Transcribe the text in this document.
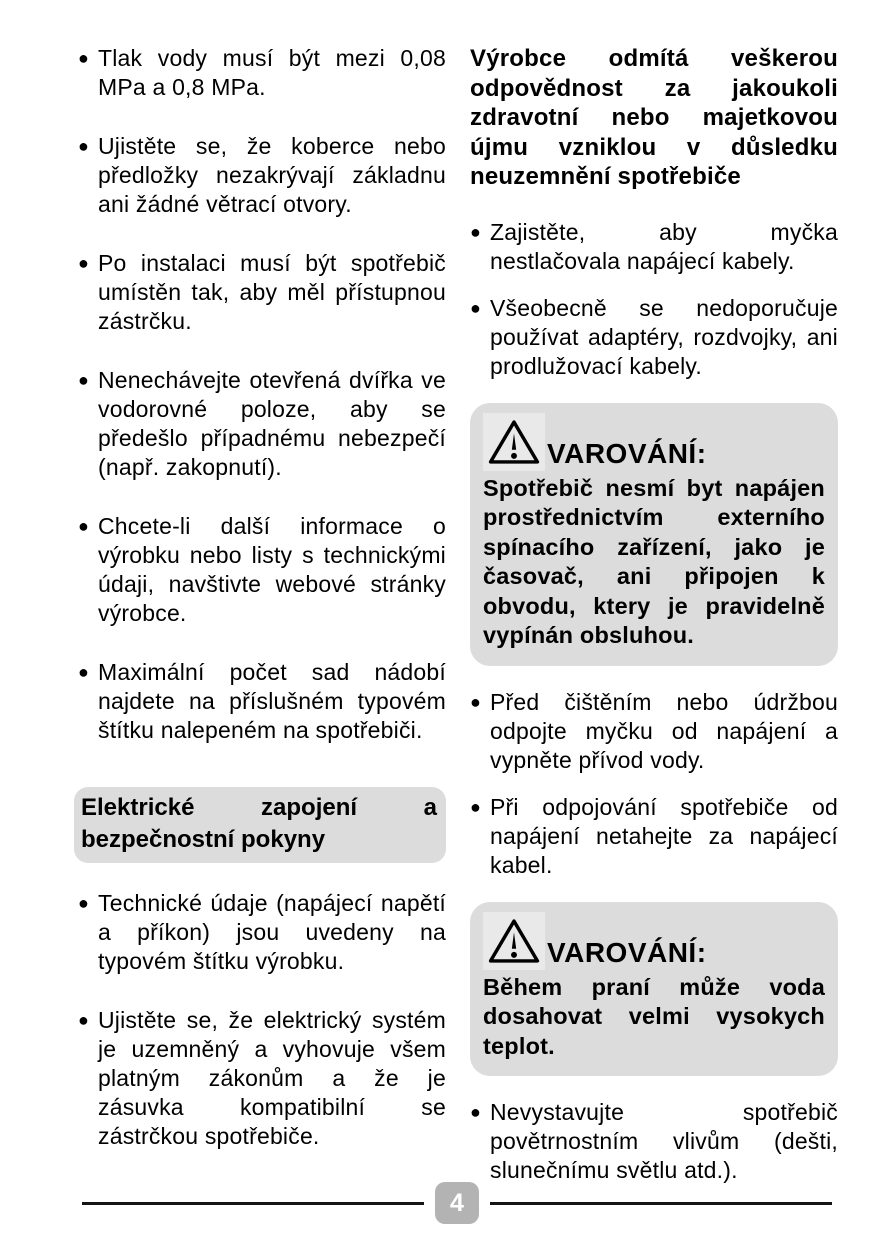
● Tlak vody musí být mezi 0,08 MPa a 0,8 MPa.
● Ujistěte se, že koberce nebo předložky nezakrývají základnu ani žádné větrací otvory.
● Po instalaci musí být spotřebič umístěn tak, aby měl přístupnou zástrčku.
● Nenechávejte otevřená dvířka ve vodorovné poloze, aby se předešlo případnému nebezpečí (např. zakopnutí).
● Chcete-li další informace o výrobku nebo listy s technickými údaji, navštivte webové stránky výrobce.
● Maximální počet sad nádobí najdete na příslušném typovém štítku nalepeném na spotřebiči.
Elektrické zapojení a bezpečnostní pokyny
● Technické údaje (napájecí napětí a příkon) jsou uvedeny na typovém štítku výrobku.
● Ujistěte se, že elektrický systém je uzemněný a vyhovuje všem platným zákonům a že je zásuvka kompatibilní se zástrčkou spotřebiče.

Výrobce odmítá veškerou odpovědnost za jakoukoli zdravotní nebo majetkovou újmu vzniklou v důsledku neuzemnění spotřebiče

● Zajistěte, aby myčka nestlačovala napájecí kabely.
● Všeobecně se nedoporučuje používat adaptéry, rozdvojky, ani prodlužovací kabely.
VAROVÁNÍ:
Spotřebič nesmí byt napájen prostřednictvím externího spínacího zařízení, jako je časovač, ani připojen k obvodu, ktery je pravidelně vypínán obsluhou.
● Před čištěním nebo údržbou odpojte myčku od napájení a vypněte přívod vody.
● Při odpojování spotřebiče od napájení netahejte za napájecí kabel.
VAROVÁNÍ:
Během praní může voda dosahovat velmi vysokych teplot.
● Nevystavujte spotřebič povětrnostním vlivům (dešti, slunečnímu světlu atd.).
4
